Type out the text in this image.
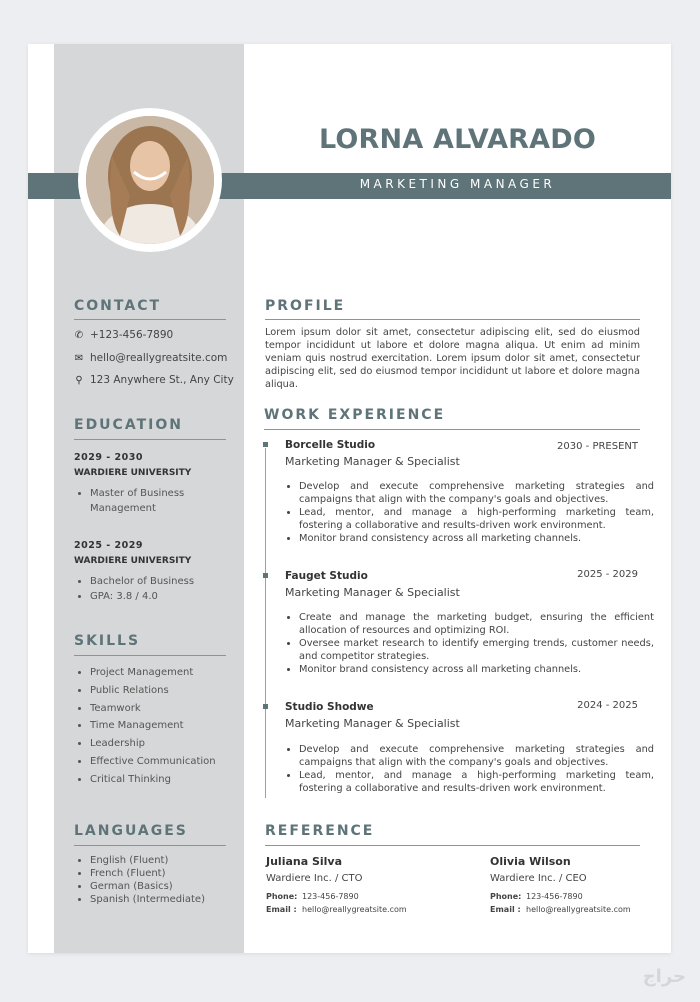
LORNA ALVARADO
MARKETING MANAGER
CONTACT
✆ +123-456-7890
✉ hello@reallygreatsite.com
⚲ 123 Anywhere St., Any City
EDUCATION
2029 - 2030
WARDIERE UNIVERSITY
• Master of Business Management
2025 - 2029
WARDIERE UNIVERSITY
• Bachelor of Business
• GPA: 3.8 / 4.0
SKILLS
• Project Management
• Public Relations
• Teamwork
• Time Management
• Leadership
• Effective Communication
• Critical Thinking
LANGUAGES
• English (Fluent)
• French (Fluent)
• German (Basics)
• Spanish (Intermediate)
PROFILE

Lorem ipsum dolor sit amet, consectetur adipiscing elit, sed do eiusmod tempor incididunt ut labore et dolore magna aliqua. Ut enim ad minim veniam quis nostrud exercitation. Lorem ipsum dolor sit amet, consectetur adipiscing elit, sed do eiusmod tempor incididunt ut labore et dolore magna aliqua.

WORK EXPERIENCE
Borcelle Studio	2030 - PRESENT
Marketing Manager & Specialist
• Develop and execute comprehensive marketing strategies and campaigns that align with the company's goals and objectives.
• Lead, mentor, and manage a high-performing marketing team, fostering a collaborative and results-driven work environment.
• Monitor brand consistency across all marketing channels.
Fauget Studio	2025 - 2029
Marketing Manager & Specialist
• Create and manage the marketing budget, ensuring the efficient allocation of resources and optimizing ROI.
• Oversee market research to identify emerging trends, customer needs, and competitor strategies.
• Monitor brand consistency across all marketing channels.
Studio Shodwe	2024 - 2025
Marketing Manager & Specialist
• Develop and execute comprehensive marketing strategies and campaigns that align with the company's goals and objectives.
• Lead, mentor, and manage a high-performing marketing team, fostering a collaborative and results-driven work environment.
REFERENCE
Juliana Silva
Wardiere Inc. / CTO
Phone: 123-456-7890
Email : hello@reallygreatsite.com
Olivia Wilson
Wardiere Inc. / CEO
Phone: 123-456-7890
Email : hello@reallygreatsite.com
حراج
